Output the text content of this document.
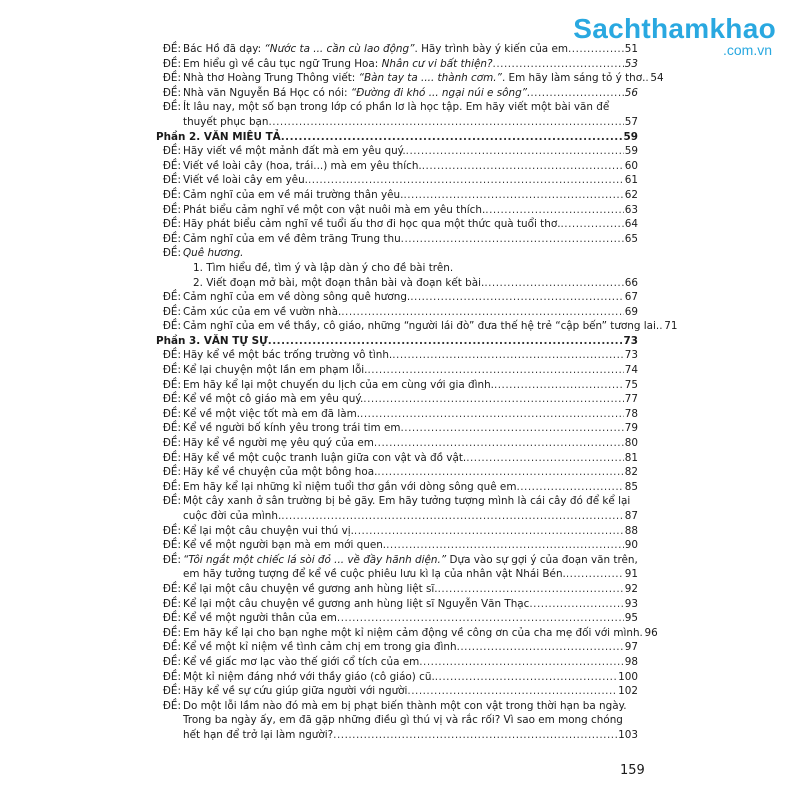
Sachthamkhao
.com.vn
ĐỀ: Bác Hồ đã dạy: “Nước ta ... cần cù lao động”. Hãy trình bày ý kiến của em .....	51
ĐỀ: Em hiểu gì về câu tục ngữ Trung Hoa: Nhân cư vi bất thiện? .....	53
ĐỀ: Nhà thơ Hoàng Trung Thông viết: “Bàn tay ta .... thành cơm.”. Em hãy làm sáng tỏ ý thơ. ..... 54
ĐỀ: Nhà văn Nguyễn Bá Học có nói: “Đường đi khó ... ngại núi e sông”. .....	56
ĐỀ: Ít lâu nay, một số bạn trong lớp có phần lơ là học tập. Em hãy viết một bài văn để
thuyết phục bạn .....	57
Phần 2. VĂN MIÊU TẢ .....	59
ĐỀ: Hãy viết về một mảnh đất mà em yêu quý. .....	59
ĐỀ: Viết về loài cây (hoa, trái...) mà em yêu thích. .....	60
ĐỀ: Viết về loài cây em yêu. .....	61
ĐỀ: Cảm nghĩ của em về mái trường thân yêu. .....	62
ĐỀ: Phát biểu cảm nghĩ về một con vật nuôi mà em yêu thích. .....	63
ĐỀ: Hãy phát biểu cảm nghĩ về tuổi ấu thơ đi học qua một thức quà tuổi thơ. .....	64
ĐỀ: Cảm nghĩ của em về đêm trăng Trung thu .....	65
ĐỀ: Quê hương.
1. Tìm hiểu đề, tìm ý và lập dàn ý cho đề bài trên.
2. Viết đoạn mở bài, một đoạn thân bài và đoạn kết bài. .....	66
ĐỀ: Cảm nghĩ của em về dòng sông quê hương. .....	67
ĐỀ: Cảm xúc của em về vườn nhà. .....	69
ĐỀ: Cảm nghĩ của em về thầy, cô giáo, những “người lái đò” đưa thế hệ trẻ “cập bến” tương lai. ..... 71
Phần 3. VĂN TỰ SỰ .....	73
ĐỀ: Hãy kể về một bác trống trường vô tình. .....	73
ĐỀ: Kể lại chuyện một lần em phạm lỗi. .....	74
ĐỀ: Em hãy kể lại một chuyến du lịch của em cùng với gia đình. .....	75
ĐỀ: Kể về một cô giáo mà em yêu quý. .....	77
ĐỀ: Kể về một việc tốt mà em đã làm. .....	78
ĐỀ: Kể về người bố kính yêu trong trái tim em .....	79
ĐỀ: Hãy kể về người mẹ yêu quý của em .....	80
ĐỀ: Hãy kể về một cuộc tranh luận giữa con vật và đồ vật. .....	81
ĐỀ: Hãy kể về chuyện của một bông hoa. .....	82
ĐỀ: Em hãy kể lại những kỉ niệm tuổi thơ gắn với dòng sông quê em .....	85
ĐỀ: Một cây xanh ở sân trường bị bẻ gãy. Em hãy tưởng tượng mình là cái cây đó để kể lại
cuộc đời của mình. .....	87
ĐỀ: Kể lại một câu chuyện vui thú vị. .....	88
ĐỀ: Kể về một người bạn mà em mới quen. .....	90
ĐỀ: “Tôi ngắt một chiếc lá sòi đỏ ... về đầy hãnh diện.” Dựa vào sự gợi ý của đoạn văn trên,
em hãy tưởng tượng để kể về cuộc phiêu lưu kì lạ của nhân vật Nhái Bén. .....	91
ĐỀ: Kể lại một câu chuyện về gương anh hùng liệt sĩ. .....	92
ĐỀ: Kể lại một câu chuyện về gương anh hùng liệt sĩ Nguyễn Văn Thạc .....	93
ĐỀ: Kể về một người thân của em .....	95
ĐỀ: Em hãy kể lại cho bạn nghe một kỉ niệm cảm động về công ơn của cha mẹ đối với mình ..... 96
ĐỀ: Kể về một kỉ niệm về tình cảm chị em trong gia đình .....	97
ĐỀ: Kể về giấc mơ lạc vào thế giới cổ tích của em .....	98
ĐỀ: Một kỉ niệm đáng nhớ với thầy giáo (cô giáo) cũ. .....	100
ĐỀ: Hãy kể về sự cứu giúp giữa người với người .....	102
ĐỀ: Do một lỗi lầm nào đó mà em bị phạt biến thành một con vật trong thời hạn ba ngày.
Trong ba ngày ấy, em đã gặp những điều gì thú vị và rắc rối? Vì sao em mong chóng
hết hạn để trở lại làm người? .....	103
159
